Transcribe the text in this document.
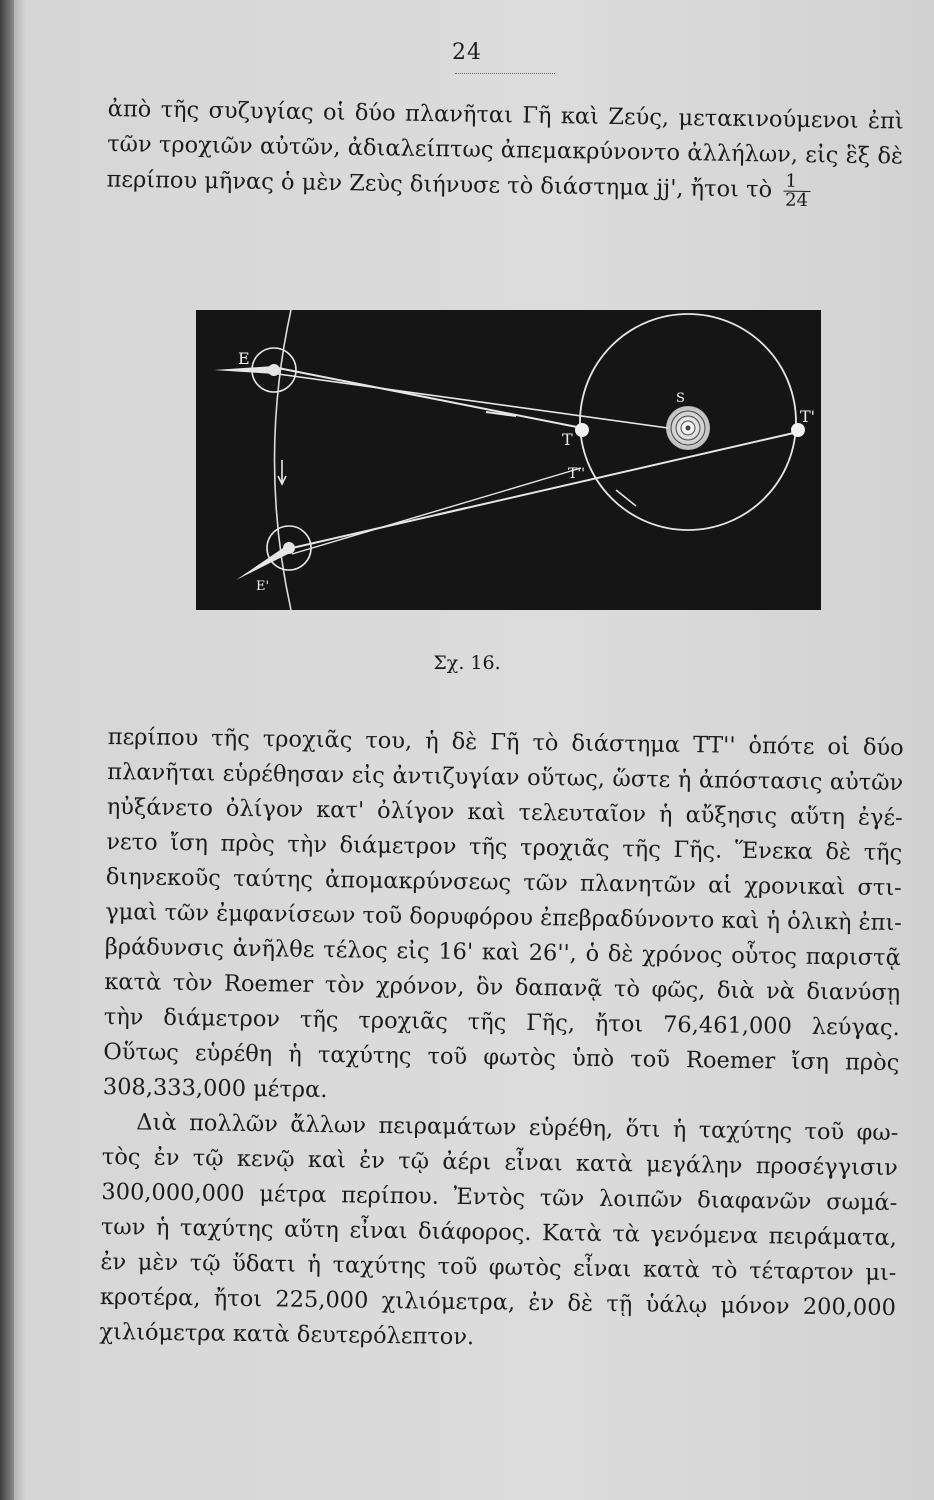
24
ἀπὸ τῆς συζυγίας οἱ δύο πλανῆται Γῆ καὶ Ζεύς, μετακινούμενοι ἐπὶ
τῶν τροχιῶν αὐτῶν, ἀδιαλείπτως ἀπεμακρύνοντο ἀλλήλων, εἰς ἓξ δὲ
περίπου μῆνας ὁ μὲν Ζεὺς διήνυσε τὸ διάστημα jj', ἤτοι τὸ $\frac{1}{24}$
E
E'
S
T
T'
T''
Σχ. 16.
περίπου τῆς τροχιᾶς του, ἡ δὲ Γῆ τὸ διάστημα ΤΤ'' ὁπότε οἱ δύο
πλανῆται εὑρέθησαν εἰς ἀντιζυγίαν οὕτως, ὥστε ἡ ἀπόστασις αὐτῶν
ηὐξάνετο ὀλίγον κατ' ὀλίγον καὶ τελευταῖον ἡ αὔξησις αὕτη ἐγέ-
νετο ἴση πρὸς τὴν διάμετρον τῆς τροχιᾶς τῆς Γῆς. Ἕνεκα δὲ τῆς
διηνεκοῦς ταύτης ἀπομακρύνσεως τῶν πλανητῶν αἱ χρονικαὶ στι-
γμαὶ τῶν ἐμφανίσεων τοῦ δορυφόρου ἐπεβραδύνοντο καὶ ἡ ὁλικὴ ἐπι-
βράδυνσις ἀνῆλθε τέλος εἰς 16' καὶ 26'', ὁ δὲ χρόνος οὗτος παριστᾷ
κατὰ τὸν Roemer τὸν χρόνον, ὃν δαπανᾷ τὸ φῶς, διὰ νὰ διανύσῃ
τὴν διάμετρον τῆς τροχιᾶς τῆς Γῆς, ἤτοι 76,461,000 λεύγας.
Οὕτως εὑρέθη ἡ ταχύτης τοῦ φωτὸς ὑπὸ τοῦ Roemer ἴση πρὸς
308,333,000 μέτρα.
Διὰ πολλῶν ἄλλων πειραμάτων εὑρέθη, ὅτι ἡ ταχύτης τοῦ φω-
τὸς ἐν τῷ κενῷ καὶ ἐν τῷ ἀέρι εἶναι κατὰ μεγάλην προσέγγισιν
300,000,000 μέτρα περίπου. Ἐντὸς τῶν λοιπῶν διαφανῶν σωμά-
των ἡ ταχύτης αὕτη εἶναι διάφορος. Κατὰ τὰ γενόμενα πειράματα,
ἐν μὲν τῷ ὕδατι ἡ ταχύτης τοῦ φωτὸς εἶναι κατὰ τὸ τέταρτον μι-
κροτέρα, ἤτοι 225,000 χιλιόμετρα, ἐν δὲ τῇ ὑάλῳ μόνον 200,000
χιλιόμετρα κατὰ δευτερόλεπτον.
